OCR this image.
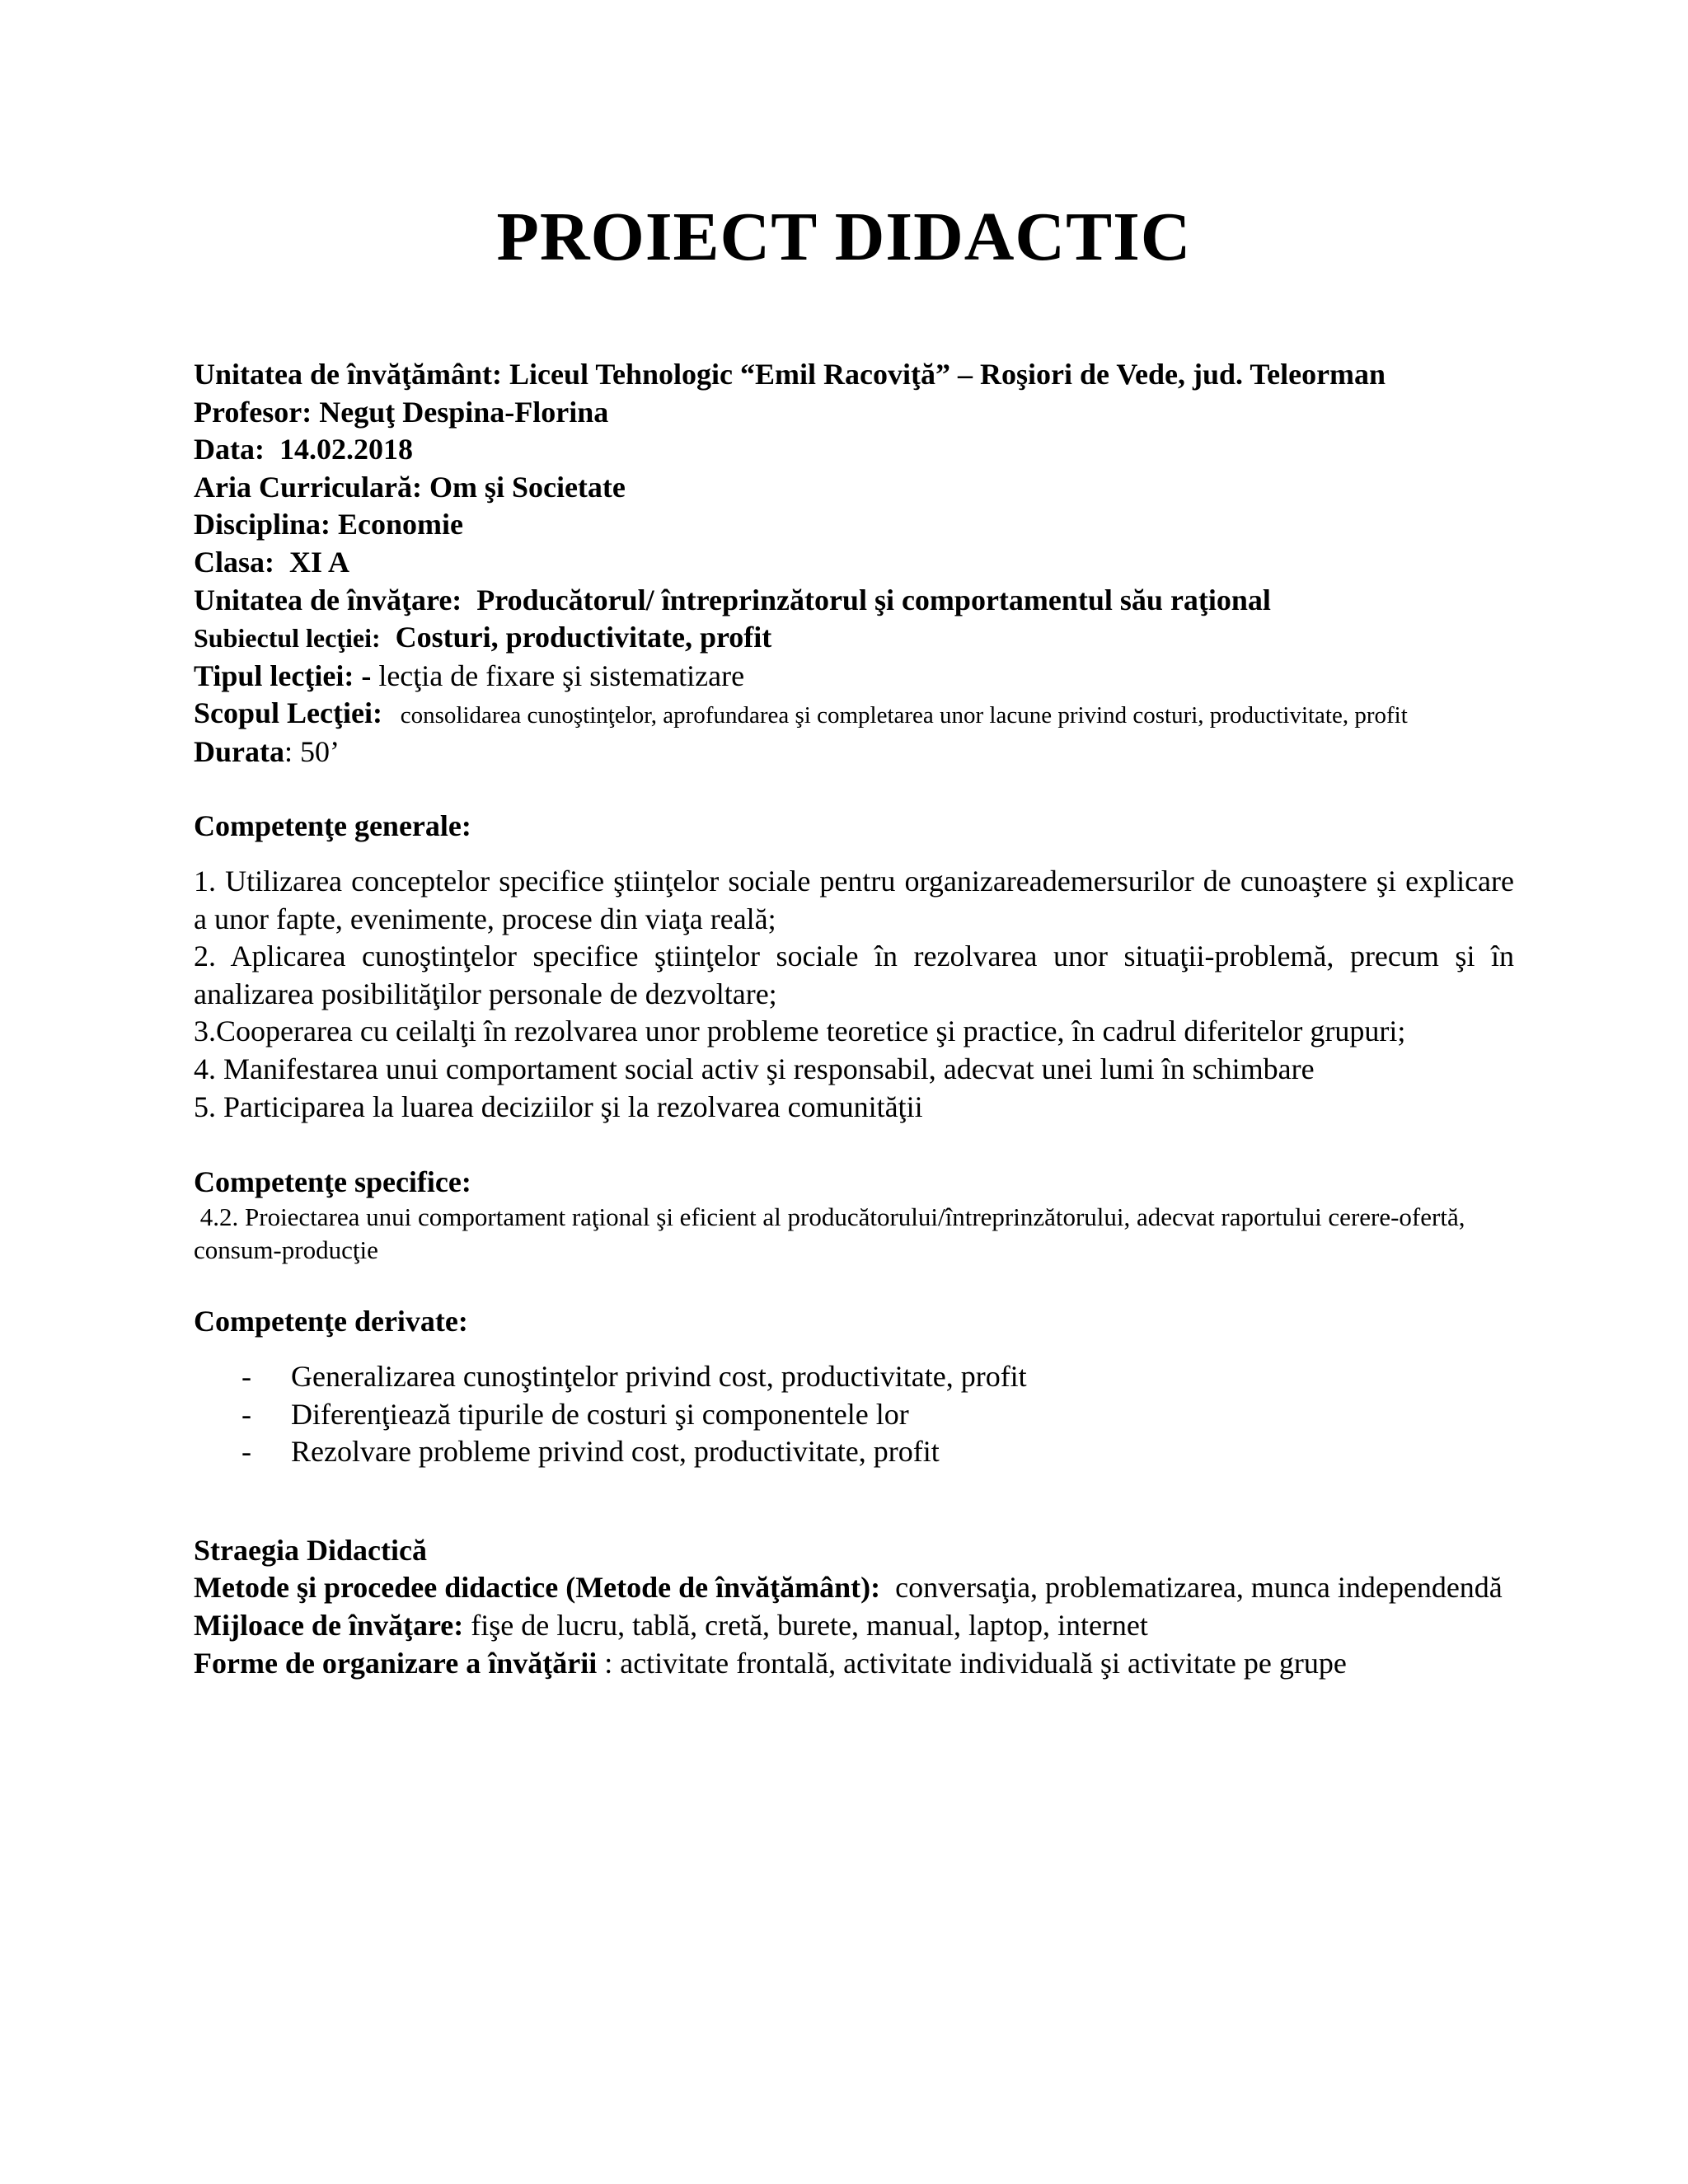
PROIECT DIDACTIC
Unitatea de învăţământ: Liceul Tehnologic “Emil Racoviţă” – Roşiori de Vede, jud. Teleorman
Profesor: Neguţ Despina-Florina
Data:  14.02.2018
Aria Curriculară: Om şi Societate
Disciplina: Economie
Clasa:  XI A
Unitatea de învăţare:  Producătorul/ întreprinzătorul şi comportamentul său raţional
Subiectul lecţiei:  Costuri, productivitate, profit
Tipul lecţiei: - lecţia de fixare şi sistematizare
Scopul Lecţiei:   consolidarea cunoştinţelor, aprofundarea şi completarea unor lacune privind costuri, productivitate, profit
Durata: 50’
Competenţe generale:
1. Utilizarea conceptelor specifice ştiinţelor sociale pentru organizareademersurilor de cunoaştere şi explicare a unor fapte, evenimente, procese din viaţa reală;
2. Aplicarea cunoştinţelor specifice ştiinţelor sociale în rezolvarea unor situaţii-problemă, precum şi în analizarea posibilităţilor personale de dezvoltare;
3.Cooperarea cu ceilalţi în rezolvarea unor probleme teoretice şi practice, în cadrul diferitelor grupuri;
4. Manifestarea unui comportament social activ şi responsabil, adecvat unei lumi în schimbare
5. Participarea la luarea deciziilor şi la rezolvarea comunităţii
Competenţe specifice:
4.2. Proiectarea unui comportament raţional şi eficient al producătorului/întreprinzătorului, adecvat raportului cerere-ofertă, consum-producţie
Competenţe derivate:
- Generalizarea cunoştinţelor privind cost, productivitate, profit
- Diferenţiează tipurile de costuri şi componentele lor
- Rezolvare probleme privind cost, productivitate, profit
Straegia Didactică
Metode şi procedee didactice (Metode de învăţământ):  conversaţia, problematizarea, munca independendă
Mijloace de învăţare: fişe de lucru, tablă, cretă, burete, manual, laptop, internet
Forme de organizare a învăţării : activitate frontală, activitate individuală şi activitate pe grupe
